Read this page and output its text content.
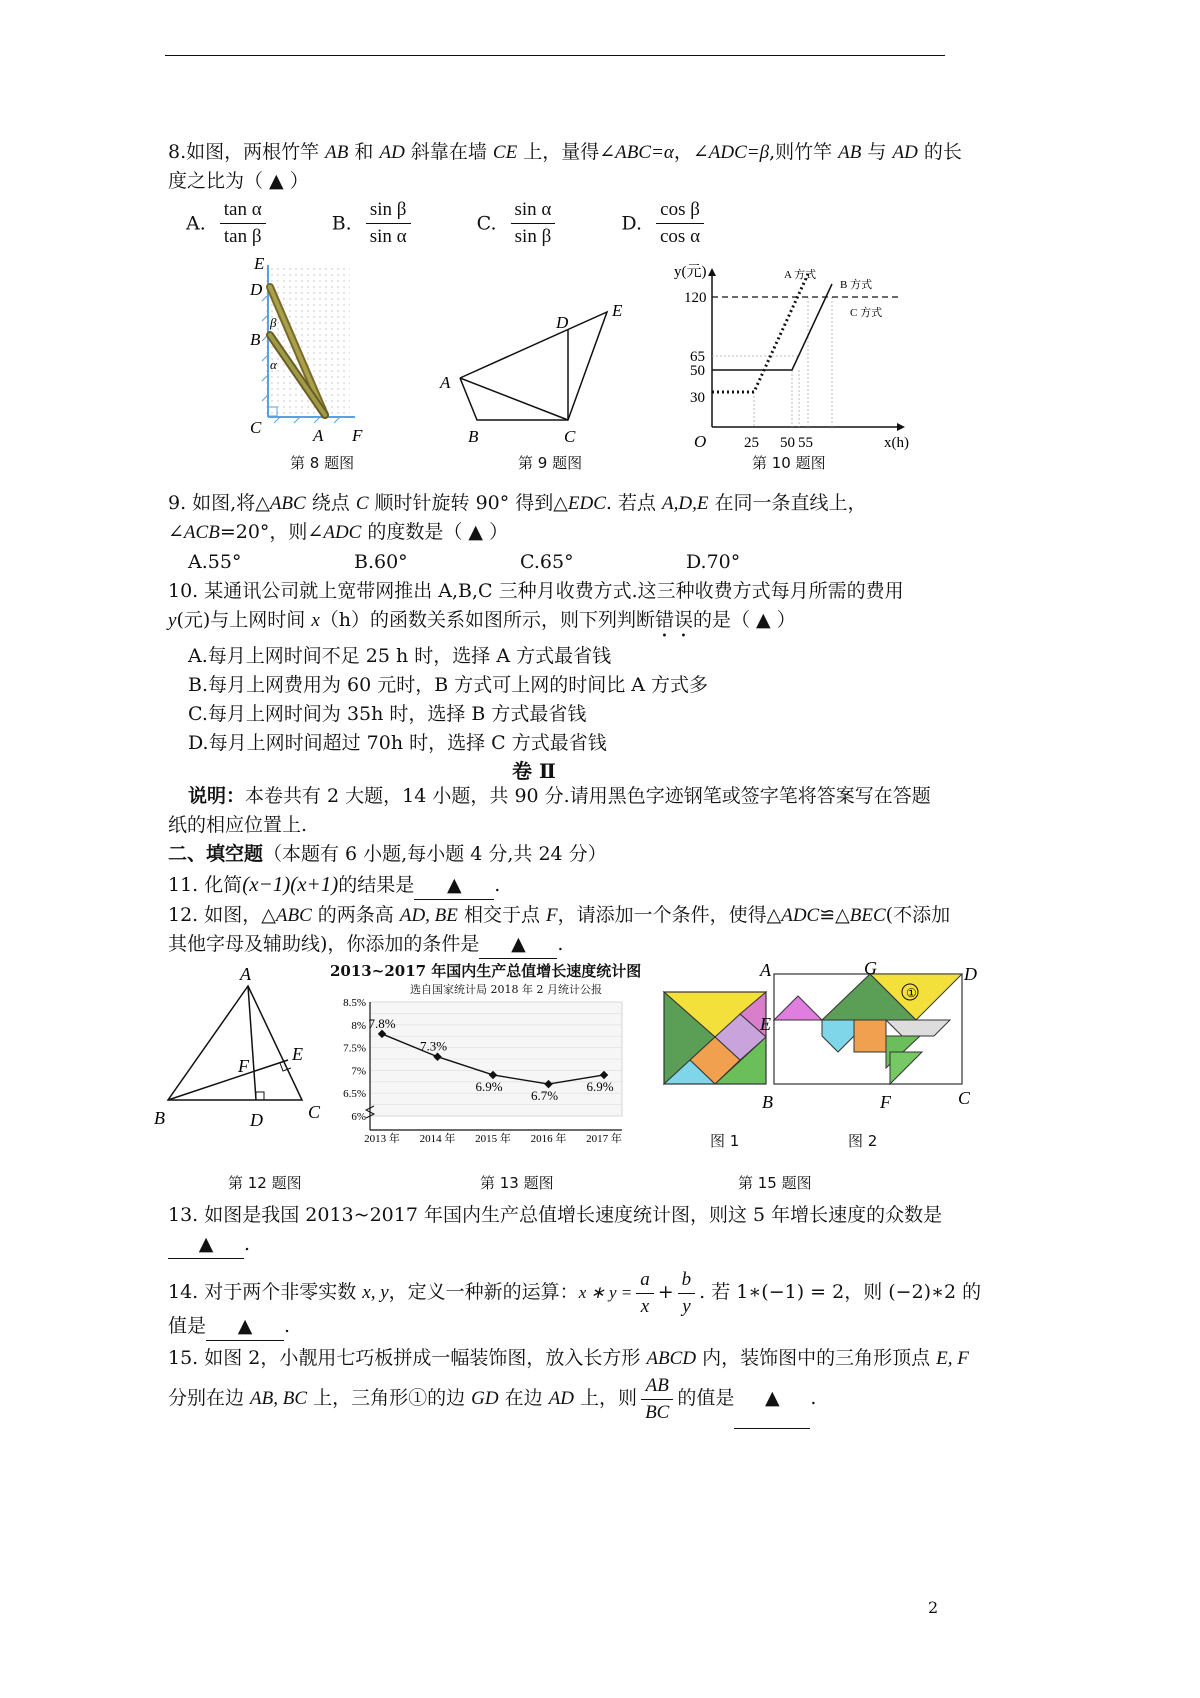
8.如图，两根竹竿 AB 和 AD 斜靠在墙 CE 上，量得∠ABC=α，∠ADC=β,则竹竿 AB 与 AD 的长
度之比为（ ▲ ）
A. $\frac{\text{tan α}}{\text{tan β}}$	B. $\frac{\text{sin β}}{\text{sin α}}$	C. $\frac{\text{sin α}}{\text{sin β}}$	D. $\frac{\text{cos β}}{\text{cos α}}$
E
D
B
β
α
C	A F
第 8 题图
A
B	C
D
E
第 9 题图
y(元)
120
65
50
30
O	25 50 55	x(h)
A 方式
B 方式
C 方式
第 10 题图
9. 如图,将△ABC 绕点 C 顺时针旋转 90° 得到△EDC. 若点 A,D,E 在同一条直线上，
∠ACB=20°，则∠ADC 的度数是（ ▲ ）
A.55°	B.60°	C.65°	D.70°
10. 某通讯公司就上宽带网推出 A,B,C 三种月收费方式.这三种收费方式每月所需的费用
y(元)与上网时间 x（h）的函数关系如图所示，则下列判断错误的是（ ▲ ）
A.每月上网时间不足 25 h 时，选择 A 方式最省钱
B.每月上网费用为 60 元时，B 方式可上网的时间比 A 方式多
C.每月上网时间为 35h 时，选择 B 方式最省钱
D.每月上网时间超过 70h 时，选择 C 方式最省钱
卷 Ⅱ
说明：本卷共有 2 大题，14 小题，共 90 分.请用黑色字迹钢笔或签字笔将答案写在答题
纸的相应位置上.
二、填空题（本题有 6 小题,每小题 4 分,共 24 分）
11. 化简(x−1)(x+1)的结果是 ▲ .
12. 如图，△ABC 的两条高 AD, BE 相交于点 F，请添加一个条件，使得△ADC≌△BEC(不添加
其他字母及辅助线)，你添加的条件是 ▲ .
A
B	C
D
E
F
第 12 题图
2013~2017 年国内生产总值增长速度统计图
选自国家统计局 2018 年 2 月统计公报
8.5%
8%
7.5%
7%
6.5%
6%
7.8%
7.3%
6.9%
6.7%
6.9%
2013 年 2014 年 2015 年 2016 年 2017 年
第 13 题图
①
A	G	D
E
B	F	C
图 1	图 2
第 15 题图
13. 如图是我国 2013~2017 年国内生产总值增长速度统计图，则这 5 年增长速度的众数是
▲ .
14. 对于两个非零实数 x, y，定义一种新的运算：x ∗ $y = \frac{a}{x} + \frac{b}{y}$ . 若 1∗(−1) = 2，则 (−2)∗2 的
值是 ▲ .
15. 如图 2，小靓用七巧板拼成一幅装饰图，放入长方形 ABCD 内，装饰图中的三角形顶点 E, F
分别在边 AB, BC 上，三角形①的边 GD 在边 AD 上，则 $\frac{AB}{BC}$ 的值是 ▲ .
2
